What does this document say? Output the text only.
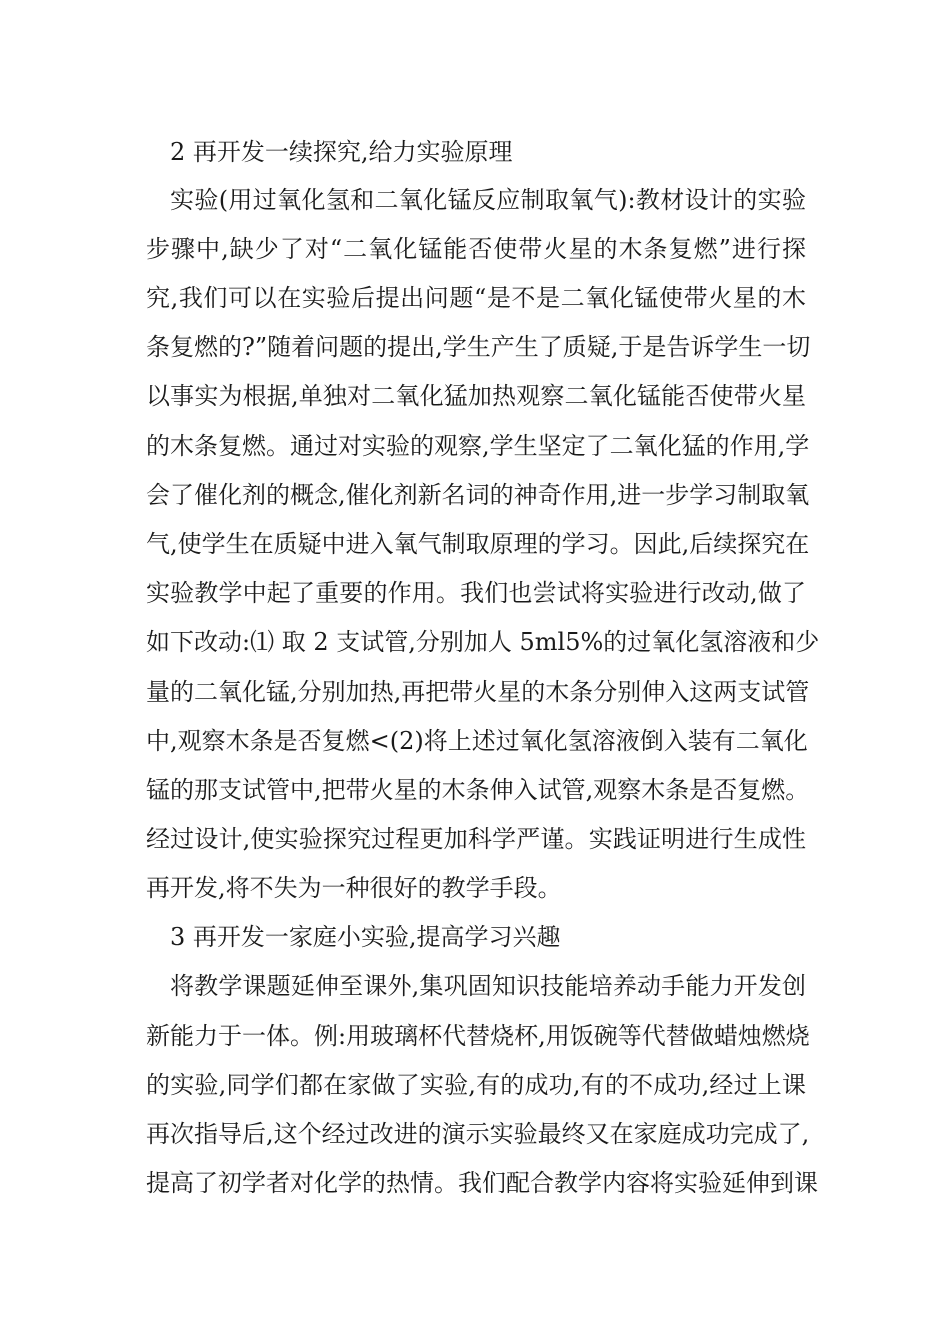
2 再开发一续探究,给力实验原理
实验(用过氧化氢和二氧化锰反应制取氧气):教材设计的实验
步骤中,缺少了对“二氧化锰能否使带火星的木条复燃”进行探
究,我们可以在实验后提出问题“是不是二氧化锰使带火星的木
条复燃的?”随着问题的提出,学生产生了质疑,于是告诉学生一切
以事实为根据,单独对二氧化猛加热观察二氧化锰能否使带火星
的木条复燃。通过对实验的观察,学生坚定了二氧化猛的作用,学
会了催化剂的概念,催化剂新名词的神奇作用,进一步学习制取氧
气,使学生在质疑中进入氧气制取原理的学习。因此,后续探究在
实验教学中起了重要的作用。我们也尝试将实验进行改动,做了
如下改动:⑴ 取 2 支试管,分别加人 5ml5%的过氧化氢溶液和少
量的二氧化锰,分别加热,再把带火星的木条分别伸入这两支试管
中,观察木条是否复燃<(2)将上述过氧化氢溶液倒入装有二氧化
锰的那支试管中,把带火星的木条伸入试管,观察木条是否复燃。
经过设计,使实验探究过程更加科学严谨。实践证明进行生成性
再开发,将不失为一种很好的教学手段。
3 再开发一家庭小实验,提高学习兴趣
将教学课题延伸至课外,集巩固知识技能培养动手能力开发创
新能力于一体。例:用玻璃杯代替烧杯,用饭碗等代替做蜡烛燃烧
的实验,同学们都在家做了实验,有的成功,有的不成功,经过上课
再次指导后,这个经过改进的演示实验最终又在家庭成功完成了,
提高了初学者对化学的热情。我们配合教学内容将实验延伸到课
